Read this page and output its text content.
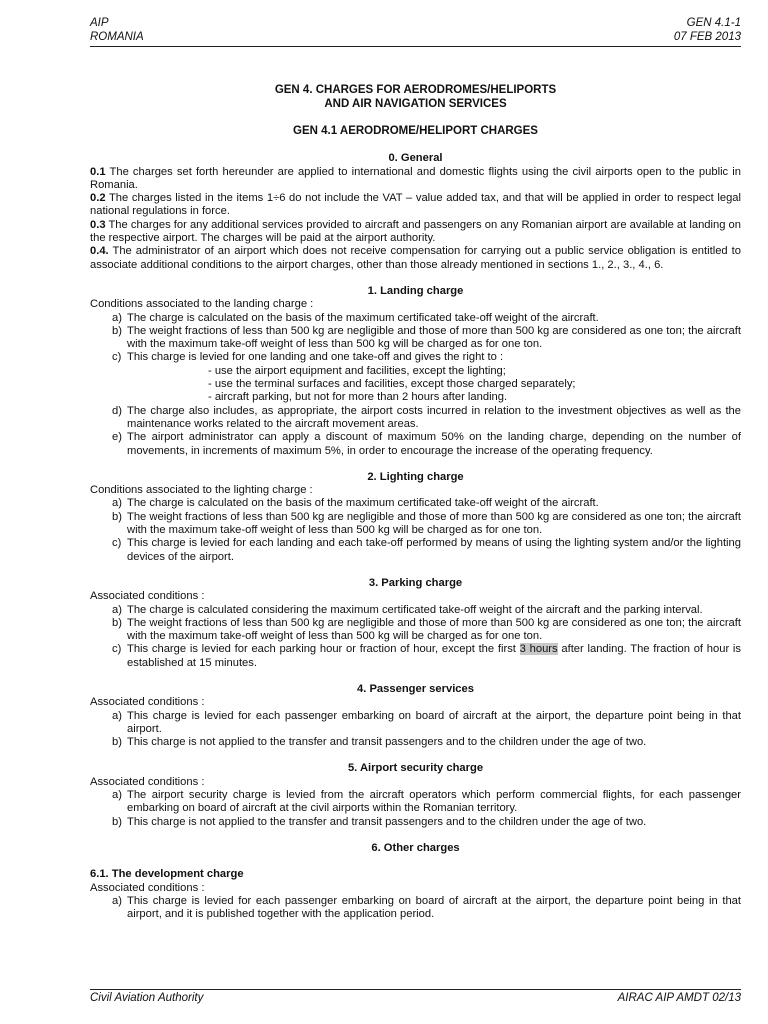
AIP
ROMANIA
GEN 4.1-1
07 FEB 2013
GEN 4. CHARGES FOR AERODROMES/HELIPORTS
AND AIR NAVIGATION SERVICES
GEN 4.1 AERODROME/HELIPORT CHARGES
0. General

0.1 The charges set forth hereunder are applied to international and domestic flights using the civil airports open to the public in Romania.

0.2 The charges listed in the items 1÷6 do not include the VAT – value added tax, and that will be applied in order to respect legal national regulations in force.

0.3 The charges for any additional services provided to aircraft and passengers on any Romanian airport are available at landing on the respective airport. The charges will be paid at the airport authority.

0.4. The administrator of an airport which does not receive compensation for carrying out a public service obligation is entitled to associate additional conditions to the airport charges, other than those already mentioned in sections 1., 2., 3., 4., 6.

1. Landing charge

Conditions associated to the landing charge :

a) The charge is calculated on the basis of the maximum certificated take-off weight of the aircraft.
b) The weight fractions of less than 500 kg are negligible and those of more than 500 kg are considered as one ton; the aircraft with the maximum take-off weight of less than 500 kg will be charged as for one ton.
c) This charge is levied for one landing and one take-off and gives the right to :
- use the airport equipment and facilities, except the lighting;
- use the terminal surfaces and facilities, except those charged separately;
- aircraft parking, but not for more than 2 hours after landing.
d) The charge also includes, as appropriate, the airport costs incurred in relation to the investment objectives as well as the maintenance works related to the aircraft movement areas.
e) The airport administrator can apply a discount of maximum 50% on the landing charge, depending on the number of movements, in increments of maximum 5%, in order to encourage the increase of the operating frequency.
2. Lighting charge

Conditions associated to the lighting charge :

a) The charge is calculated on the basis of the maximum certificated take-off weight of the aircraft.
b) The weight fractions of less than 500 kg are negligible and those of more than 500 kg are considered as one ton; the aircraft with the maximum take-off weight of less than 500 kg will be charged as for one ton.
c) This charge is levied for each landing and each take-off performed by means of using the lighting system and/or the lighting devices of the airport.
3. Parking charge

Associated conditions :

a) The charge is calculated considering the maximum certificated take-off weight of the aircraft and the parking interval.
b) The weight fractions of less than 500 kg are negligible and those of more than 500 kg are considered as one ton; the aircraft with the maximum take-off weight of less than 500 kg will be charged as for one ton.
c) This charge is levied for each parking hour or fraction of hour, except the first 3 hours after landing. The fraction of hour is established at 15 minutes.
4. Passenger services

Associated conditions :

a) This charge is levied for each passenger embarking on board of aircraft at the airport, the departure point being in that airport.
b) This charge is not applied to the transfer and transit passengers and to the children under the age of two.
5. Airport security charge

Associated conditions :

a) The airport security charge is levied from the aircraft operators which perform commercial flights, for each passenger embarking on board of aircraft at the civil airports within the Romanian territory.
b) This charge is not applied to the transfer and transit passengers and to the children under the age of two.
6. Other charges
6.1. The development charge

Associated conditions :

a) This charge is levied for each passenger embarking on board of aircraft at the airport, the departure point being in that airport, and it is published together with the application period.
Civil Aviation Authority	AIRAC AIP AMDT 02/13
